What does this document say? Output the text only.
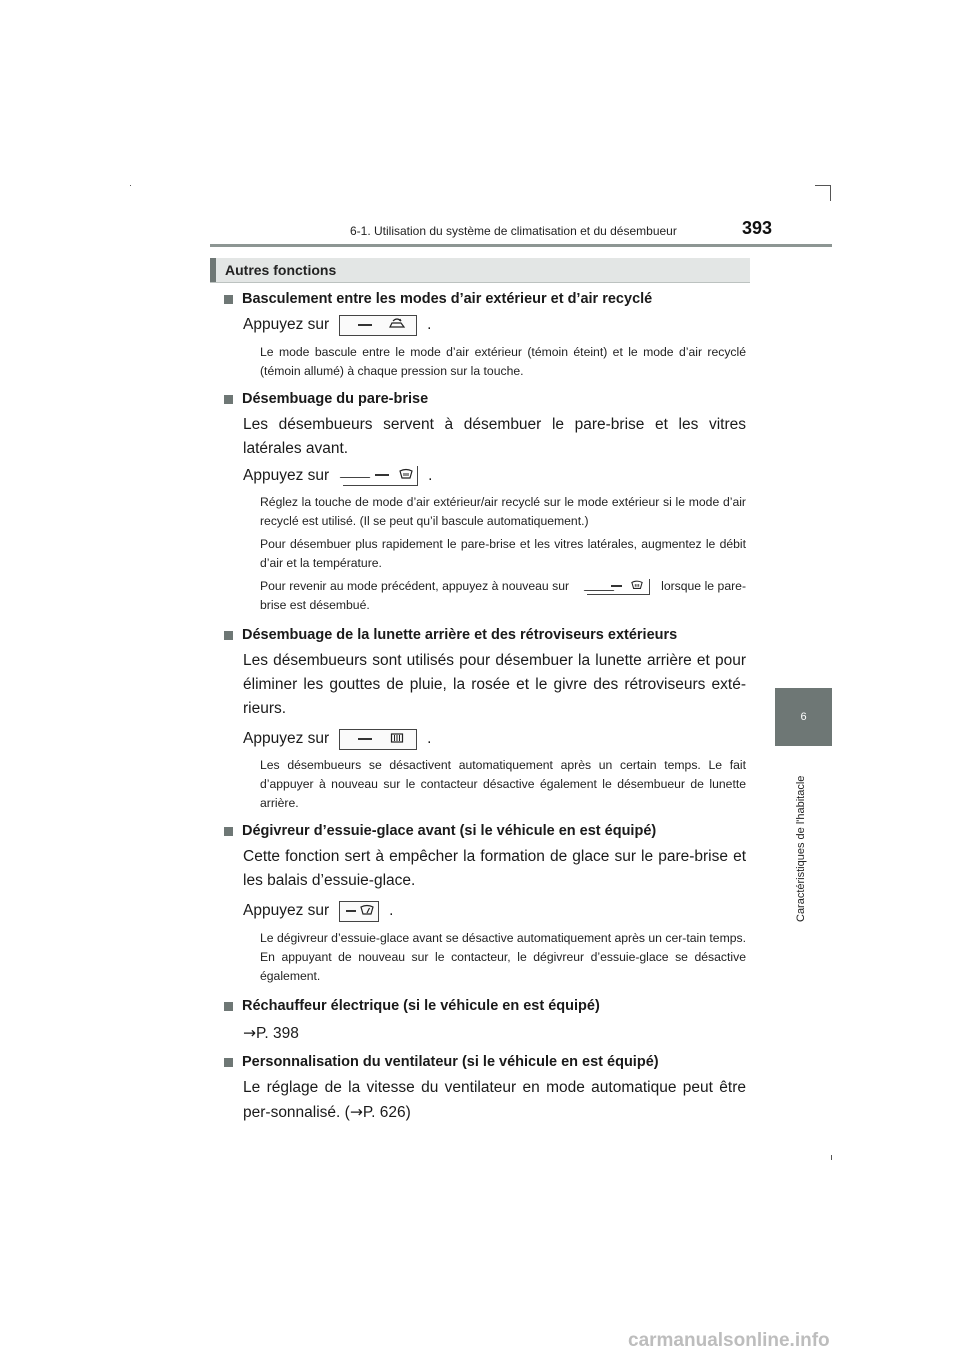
6-1. Utilisation du système de climatisation et du désembueur	393
6
Caractéristiques de l'habitacle
Autres fonctions
Basculement entre les modes d’air extérieur et d’air recyclé
Appuyez sur	.

Le mode bascule entre le mode d’air extérieur (témoin éteint) et le mode d’air recyclé (témoin allumé) à chaque pression sur la touche.

Désembuage du pare-brise

Les désembueurs servent à désembuer le pare-brise et les vitres latérales avant.

Appuyez sur	.

Réglez la touche de mode d’air extérieur/air recyclé sur le mode extérieur si le mode d’air recyclé est utilisé. (Il se peut qu’il bascule automatiquement.)

Pour désembuer plus rapidement le pare-brise et les vitres latérales, augmentez le débit d’air et la température.

Pour revenir au mode précédent, appuyez à nouveau sur	lorsque le pare-brise est désembué.

Désembuage de la lunette arrière et des rétroviseurs extérieurs

Les désembueurs sont utilisés pour désembuer la lunette arrière et pour éliminer les gouttes de pluie, la rosée et le givre des rétroviseurs exté-rieurs.

Appuyez sur	.

Les désembueurs se désactivent automatiquement après un certain temps. Le fait d’appuyer à nouveau sur le contacteur désactive également le désembueur de lunette arrière.

Dégivreur d’essuie-glace avant (si le véhicule en est équipé)

Cette fonction sert à empêcher la formation de glace sur le pare-brise et les balais d’essuie-glace.

Appuyez sur	.

Le dégivreur d’essuie-glace avant se désactive automatiquement après un cer-tain temps. En appuyant de nouveau sur le contacteur, le dégivreur d’essuie-glace se désactive également.

Réchauffeur électrique (si le véhicule en est équipé)

→P. 398

Personnalisation du ventilateur (si le véhicule en est équipé)

Le réglage de la vitesse du ventilateur en mode automatique peut être per-sonnalisé. (→P. 626)

carmanualsonline.info
